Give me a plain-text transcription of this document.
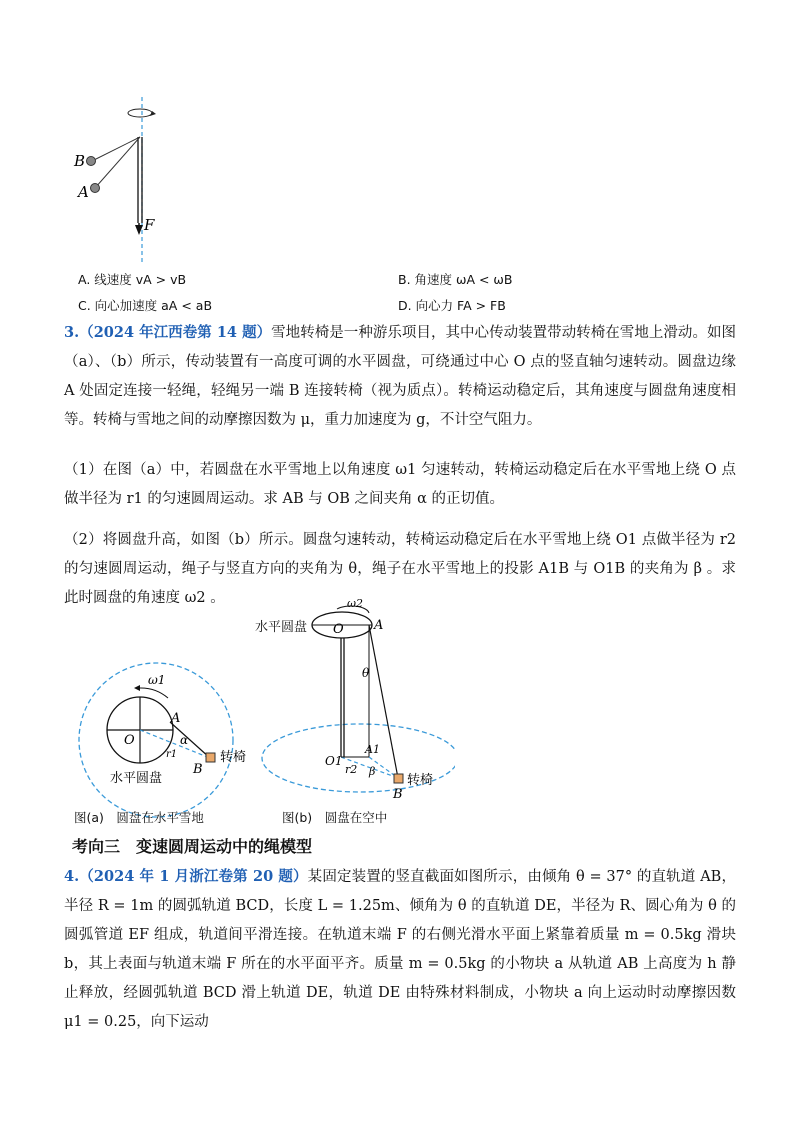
B
A
F
A. 线速度 vA > vB	B. 角速度 ωA < ωB
C. 向心加速度 aA < aB	D. 向心力 FA > FB
3.（2024 年江西卷第 14 题）雪地转椅是一种游乐项目，其中心传动装置带动转椅在雪地上滑动。如图（a）、（b）所示，传动装置有一高度可调的水平圆盘，可绕通过中心 O 点的竖直轴匀速转动。圆盘边缘 A 处固定连接一轻绳，轻绳另一端 B 连接转椅（视为质点）。转椅运动稳定后，其角速度与圆盘角速度相等。转椅与雪地之间的动摩擦因数为 μ，重力加速度为 g，不计空气阻力。
（1）在图（a）中，若圆盘在水平雪地上以角速度 ω1 匀速转动，转椅运动稳定后在水平雪地上绕 O 点做半径为 r1 的匀速圆周运动。求 AB 与 OB 之间夹角 α 的正切值。
（2）将圆盘升高，如图（b）所示。圆盘匀速转动，转椅运动稳定后在水平雪地上绕 O1 点做半径为 r2 的匀速圆周运动，绳子与竖直方向的夹角为 θ，绳子在水平雪地上的投影 A1B 与 O1B 的夹角为 β 。求此时圆盘的角速度 ω2 。
ω1
A
O	α
r1
B
转椅
水平圆盘
图(a)　圆盘在水平雪地
ω2
O A
θ
O1
A1
r2 β
B
转椅
水平圆盘
图(b)　圆盘在空中
考向三　变速圆周运动中的绳模型
4.（2024 年 1 月浙江卷第 20 题）某固定装置的竖直截面如图所示，由倾角 θ = 37° 的直轨道 AB，半径 R = 1m 的圆弧轨道 BCD，长度 L = 1.25m、倾角为 θ 的直轨道 DE，半径为 R、圆心角为 θ 的圆弧管道 EF 组成，轨道间平滑连接。在轨道末端 F 的右侧光滑水平面上紧靠着质量 m = 0.5kg 滑块 b，其上表面与轨道末端 F 所在的水平面平齐。质量 m = 0.5kg 的小物块 a 从轨道 AB 上高度为 h 静止释放，经圆弧轨道 BCD 滑上轨道 DE，轨道 DE 由特殊材料制成，小物块 a 向上运动时动摩擦因数 μ1 = 0.25，向下运动
